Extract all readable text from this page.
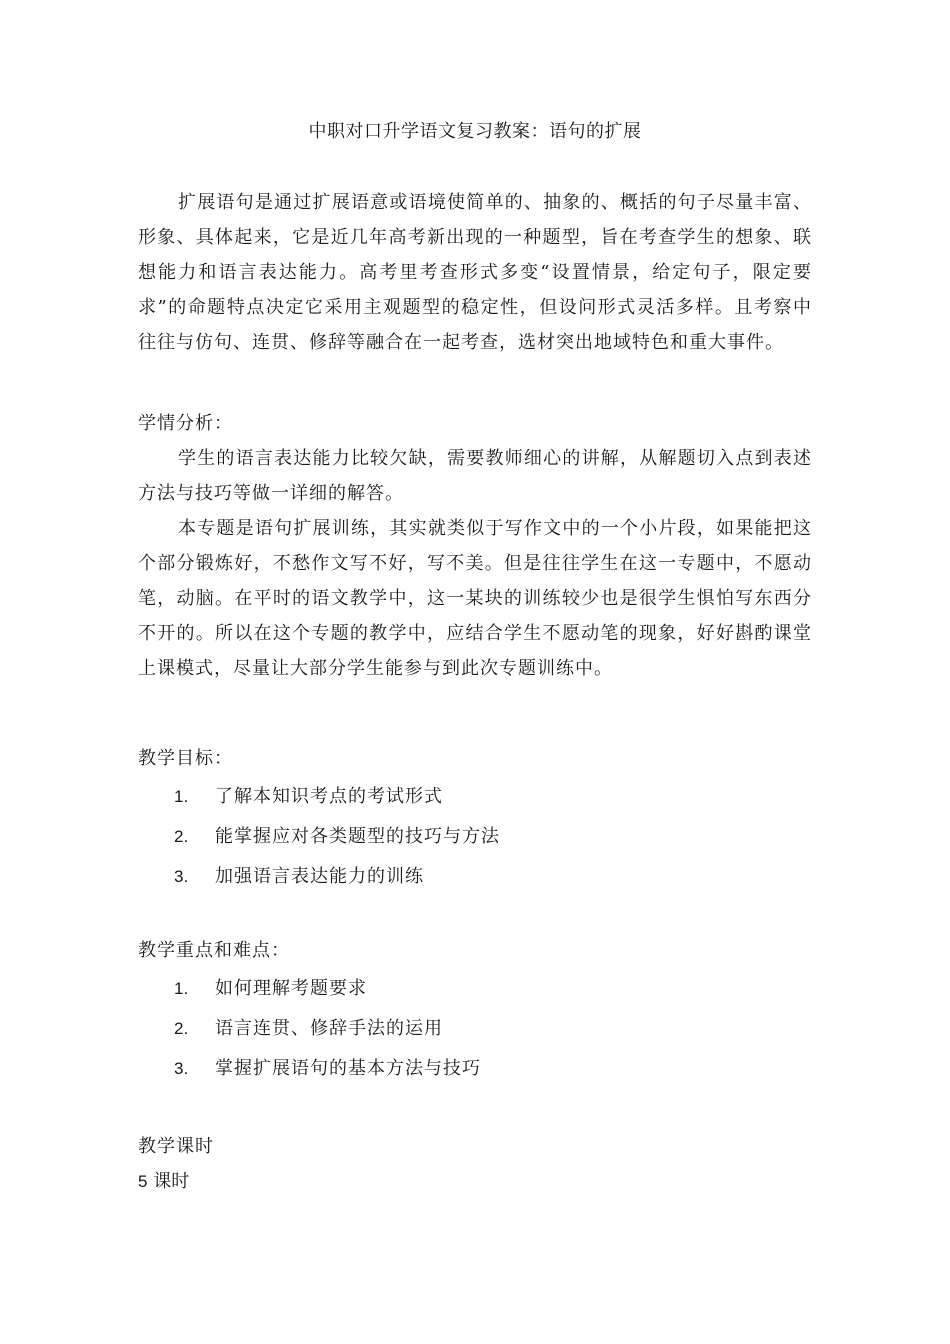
中职对口升学语文复习教案：语句的扩展

扩展语句是通过扩展语意或语境使简单的、抽象的、概括的句子尽量丰富、形象、具体起来，它是近几年高考新出现的一种题型，旨在考查学生的想象、联想能力和语言表达能力。高考里考查形式多变“设置情景，给定句子，限定要求”的命题特点决定它采用主观题型的稳定性，但设问形式灵活多样。且考察中往往与仿句、连贯、修辞等融合在一起考查，选材突出地域特色和重大事件。

学情分析：

学生的语言表达能力比较欠缺，需要教师细心的讲解，从解题切入点到表述方法与技巧等做一详细的解答。

本专题是语句扩展训练，其实就类似于写作文中的一个小片段，如果能把这个部分锻炼好，不愁作文写不好，写不美。但是往往学生在这一专题中，不愿动笔，动脑。在平时的语文教学中，这一某块的训练较少也是很学生惧怕写东西分不开的。所以在这个专题的教学中，应结合学生不愿动笔的现象，好好斟酌课堂上课模式，尽量让大部分学生能参与到此次专题训练中。

教学目标：

1. 了解本知识考点的考试形式
2. 能掌握应对各类题型的技巧与方法
3. 加强语言表达能力的训练

教学重点和难点：

1. 如何理解考题要求
2. 语言连贯、修辞手法的运用
3. 掌握扩展语句的基本方法与技巧

教学课时

5 课时
